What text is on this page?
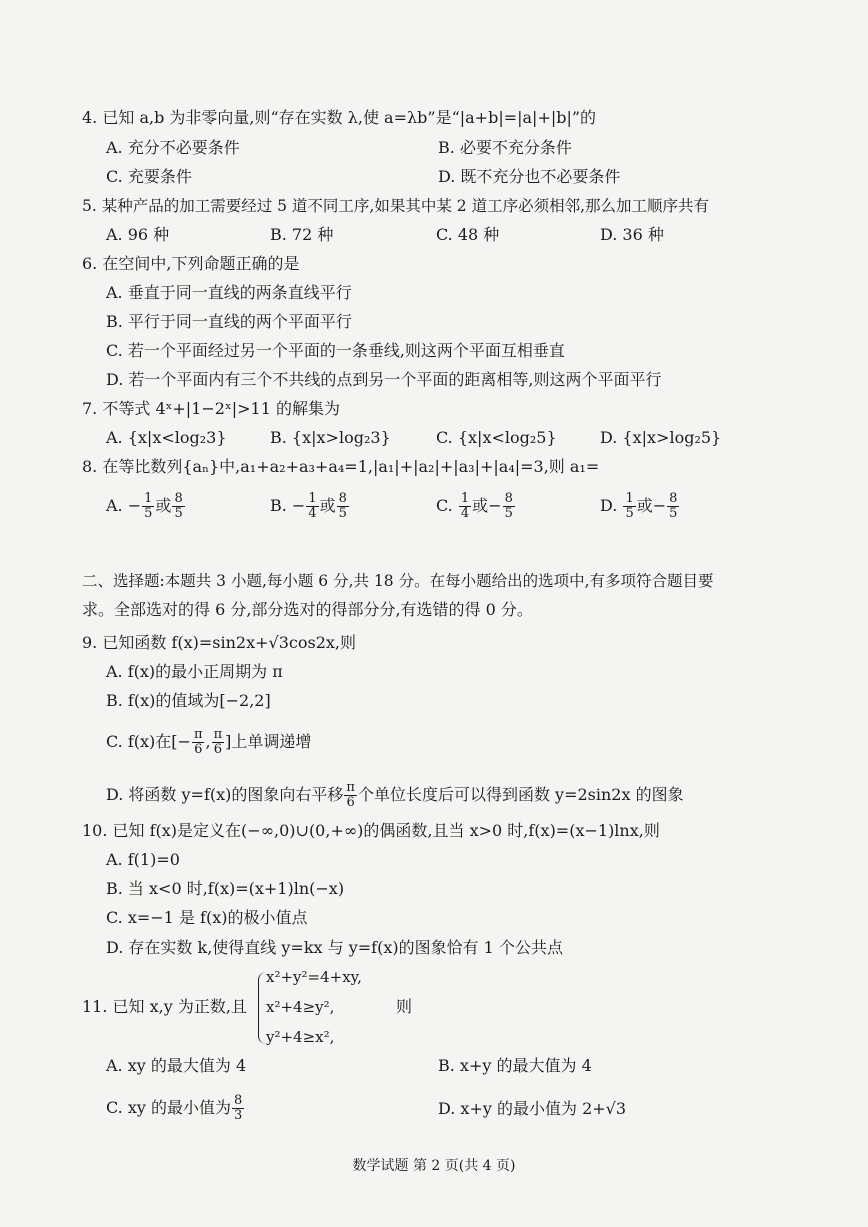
4. 已知 a,b 为非零向量,则“存在实数 λ,使 a=λb”是“|a+b|=|a|+|b|”的
A. 充分不必要条件	B. 必要不充分条件
C. 充要条件	D. 既不充分也不必要条件
5. 某种产品的加工需要经过 5 道不同工序,如果其中某 2 道工序必须相邻,那么加工顺序共有
A. 96 种	B. 72 种	C. 48 种	D. 36 种
6. 在空间中,下列命题正确的是
A. 垂直于同一直线的两条直线平行
B. 平行于同一直线的两个平面平行
C. 若一个平面经过另一个平面的一条垂线,则这两个平面互相垂直
D. 若一个平面内有三个不共线的点到另一个平面的距离相等,则这两个平面平行
7. 不等式 4ˣ+|1−2ˣ|>11 的解集为
A. {x|x<log₂3}	B. {x|x>log₂3}	C. {x|x<log₂5}	D. {x|x>log₂5}
8. 在等比数列{aₙ}中,a₁+a₂+a₃+a₄=1,|a₁|+|a₂|+|a₃|+|a₄|=3,则 a₁=
A. − $\frac{1}{5}$ 或 $\frac{8}{5}$	B. − $\frac{1}{4}$ 或 $\frac{8}{5}$	C. $\frac{1}{4}$ 或− $\frac{8}{5}$	D. $\frac{1}{5}$ 或− $\frac{8}{5}$
二、选择题:本题共 3 小题,每小题 6 分,共 18 分。在每小题给出的选项中,有多项符合题目要
求。全部选对的得 6 分,部分选对的得部分分,有选错的得 0 分。
9. 已知函数 f(x)=sin2x+√3cos2x,则
A. f(x)的最小正周期为 π
B. f(x)的值域为[−2,2]
C. f(x)在[− $\frac{\pi}{6}$ , $\frac{\pi}{6}$ ]上单调递增
D. 将函数 y=f(x)的图象向右平移 $\frac{\pi}{6}$ 个单位长度后可以得到函数 y=2sin2x 的图象
10. 已知 f(x)是定义在(−∞,0)∪(0,+∞)的偶函数,且当 x>0 时,f(x)=(x−1)lnx,则
A. f(1)=0
B. 当 x<0 时,f(x)=(x+1)ln(−x)
C. x=−1 是 f(x)的极小值点
D. 存在实数 k,使得直线 y=kx 与 y=f(x)的图象恰有 1 个公共点
11. 已知 x,y 为正数,且
x²+y²=4+xy,
x²+4≥y²,
y²+4≥x²,
则
A. xy 的最大值为 4	B. x+y 的最大值为 4
C. xy 的最小值为 $\frac{8}{3}$	D. x+y 的最小值为 2+√3
数学试题 第 2 页(共 4 页)
